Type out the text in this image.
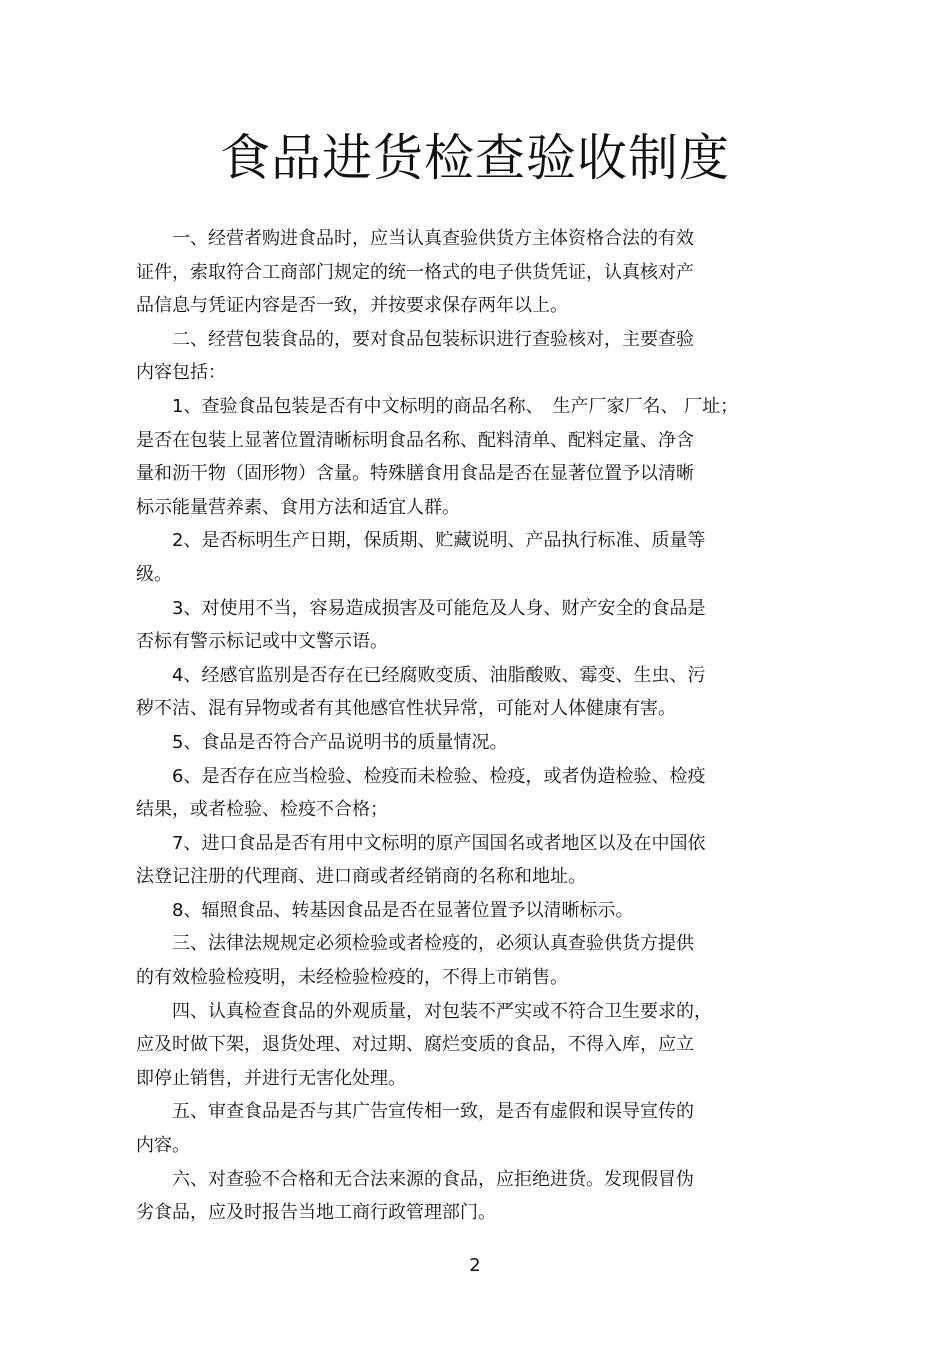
食品进货检查验收制度
　　一、经营者购进食品时，应当认真查验供货方主体资格合法的有效
证件，索取符合工商部门规定的统一格式的电子供货凭证，认真核对产
品信息与凭证内容是否一致，并按要求保存两年以上。
　　二、经营包装食品的，要对食品包装标识进行查验核对，主要查验
内容包括：
　　1、查验食品包装是否有中文标明的商品名称、　生产厂家厂名、 厂址；
是否在包装上显著位置清晰标明食品名称、配料清单、配料定量、净含
量和沥干物（固形物）含量。特殊膳食用食品是否在显著位置予以清晰
标示能量营养素、食用方法和适宜人群。
　　2、是否标明生产日期，保质期、贮藏说明、产品执行标准、质量等
级。
　　3、对使用不当，容易造成损害及可能危及人身、财产安全的食品是
否标有警示标记或中文警示语。
　　4、经感官监别是否存在已经腐败变质、油脂酸败、霉变、生虫、污
秽不洁、混有异物或者有其他感官性状异常，可能对人体健康有害。
　　5、食品是否符合产品说明书的质量情况。
　　6、是否存在应当检验、检疫而未检验、检疫，或者伪造检验、检疫
结果，或者检验、检疫不合格；
　　7、进口食品是否有用中文标明的原产国国名或者地区以及在中国依
法登记注册的代理商、进口商或者经销商的名称和地址。
　　8、辐照食品、转基因食品是否在显著位置予以清晰标示。
　　三、法律法规规定必须检验或者检疫的，必须认真查验供货方提供
的有效检验检疫明，未经检验检疫的，不得上市销售。
　　四、认真检查食品的外观质量，对包装不严实或不符合卫生要求的，
应及时做下架，退货处理、对过期、腐烂变质的食品，不得入库，应立
即停止销售，并进行无害化处理。
　　五、审查食品是否与其广告宣传相一致，是否有虚假和误导宣传的
内容。
　　六、对查验不合格和无合法来源的食品，应拒绝进货。发现假冒伪
劣食品，应及时报告当地工商行政管理部门。
2
